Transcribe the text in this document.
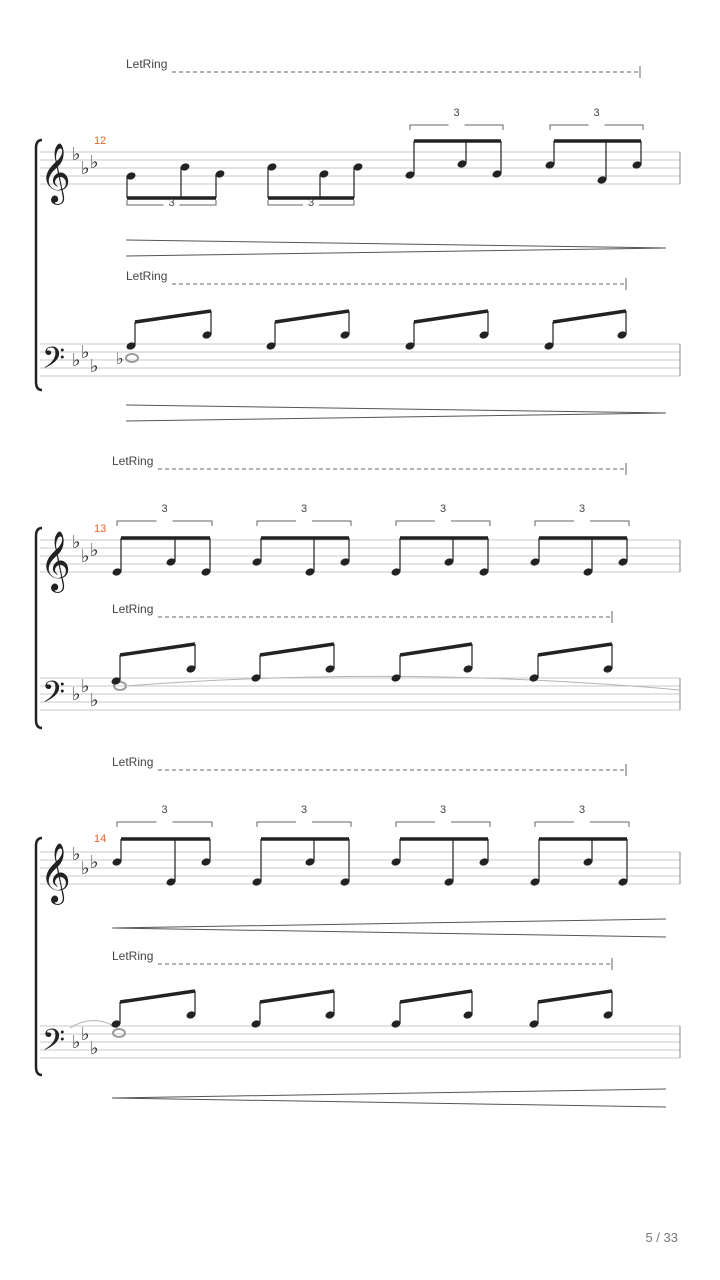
LetRing
12
𝄞 ♭
♭ ♭
3	3
3	3
LetRing
𝄢 ♭ ♭
♭ ♭
LetRing
13
𝄞 ♭
♭ ♭
3	3	3	3
LetRing
𝄢 ♭ ♭
♭
LetRing
14
𝄞 ♭
♭ ♭
3	3	3	3
LetRing
𝄢 ♭ ♭
♭
5 / 33
